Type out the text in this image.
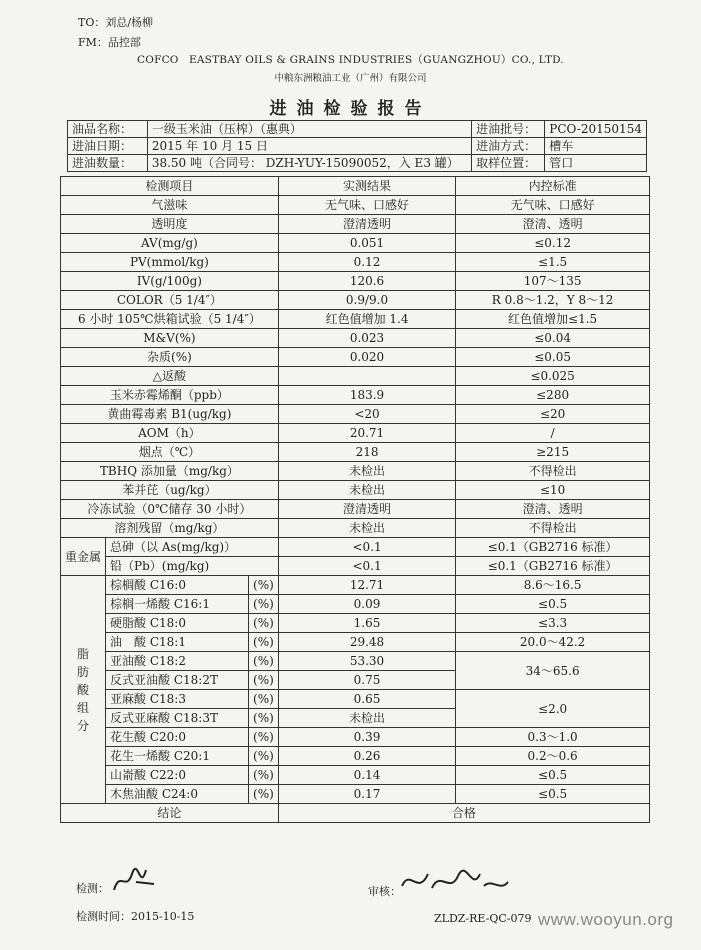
TO：刘总/杨柳
FM：品控部
COFCO  EASTBAY OILS & GRAINS INDUSTRIES（GUANGZHOU）CO., LTD.
中粮东洲粮油工业（广州）有限公司
进油检验报告
油品名称：	一级玉米油（压榨）（惠典）	进油批号：	PCO-20150154
进油日期：	2015 年 10 月 15 日	进油方式：	槽车
进油数量：	38.50 吨（合同号： DZH-YUY-15090052，入 E3 罐）	取样位置：	管口
检测项目			实测结果	内控标准
气滋味			无气味、口感好	无气味、口感好
透明度			澄清透明	澄清、透明
AV(mg/g)			0.051	≤0.12
PV(mmol/kg)			0.12	≤1.5
IV(g/100g)			120.6	107～135
COLOR（5 1/4″）			0.9/9.0	R 0.8～1.2，Y 8～12
6 小时 105℃烘箱试验（5 1/4″）			红色值增加 1.4	红色值增加≤1.5
M&V(%)			0.023	≤0.04
杂质(%)			0.020	≤0.05
△返酸				≤0.025
玉米赤霉烯酮（ppb）			183.9	≤280
黄曲霉毒素 B1(ug/kg)			<20	≤20
AOM（h）			20.71	/
烟点（℃）			218	≥215
TBHQ 添加量（mg/kg）			未检出	不得检出
苯并芘（ug/kg）			未检出	≤10
冷冻试验（0℃储存 30 小时）			澄清透明	澄清、透明
溶剂残留（mg/kg）			未检出	不得检出
重金属	总砷（以 As(mg/kg)）		<0.1	≤0.1（GB2716 标准）
	铅（Pb）(mg/kg)		<0.1	≤0.1（GB2716 标准）
脂肪酸组分	棕榈酸 C16:0	(%)	12.71	8.6～16.5
	棕榈一烯酸 C16:1	(%)	0.09	≤0.5
	硬脂酸 C18:0	(%)	1.65	≤3.3
	油　酸 C18:1	(%)	29.48	20.0～42.2
	亚油酸 C18:2	(%)	53.30	34～65.6
	反式亚油酸 C18:2T	(%)	0.75	
	亚麻酸 C18:3	(%)	0.65	≤2.0
	反式亚麻酸 C18:3T	(%)	未检出	
	花生酸 C20:0	(%)	0.39	0.3～1.0
	花生一烯酸 C20:1	(%)	0.26	0.2～0.6
	山嵛酸 C22:0	(%)	0.14	≤0.5
	木焦油酸 C24:0	(%)	0.17	≤0.5
结论			合格	
检测：	审核：
检测时间：2015-10-15	ZLDZ-RE-QC-079 www.wooyun.org
